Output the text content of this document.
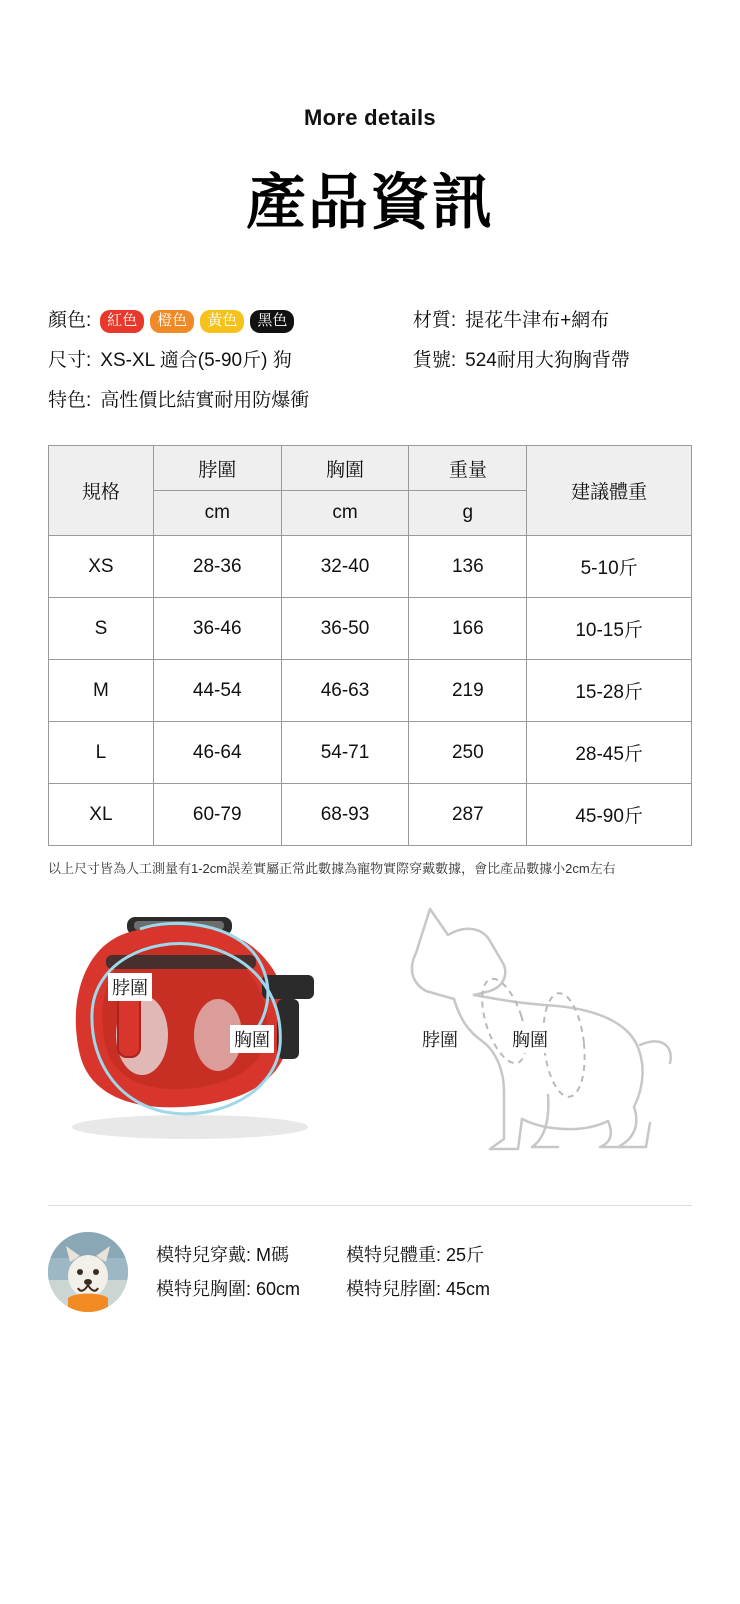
More details
產品資訊
顏色:	紅色	橙色	黃色	黑色	材質: 提花牛津布+網布
尺寸: XS-XL 適合(5-90斤) 狗	貨號: 524耐用大狗胸背帶
特色: 高性價比結實耐用防爆衝
規格	脖圍	胸圍	重量	建議體重
	cm	cm	g	
XS	28-36	32-40	136	5-10斤
S	36-46	36-50	166	10-15斤
M	44-54	46-63	219	15-28斤
L	46-64	54-71	250	28-45斤
XL	60-79	68-93	287	45-90斤
以上尺寸皆為人工測量有1-2cm誤差實屬正常此數據為寵物實際穿戴數據，會比產品數據小2cm左右
脖圍
胸圍	脖圍	胸圍
模特兒穿戴: M碼
模特兒胸圍: 60cm
模特兒體重: 25斤
模特兒脖圍: 45cm
